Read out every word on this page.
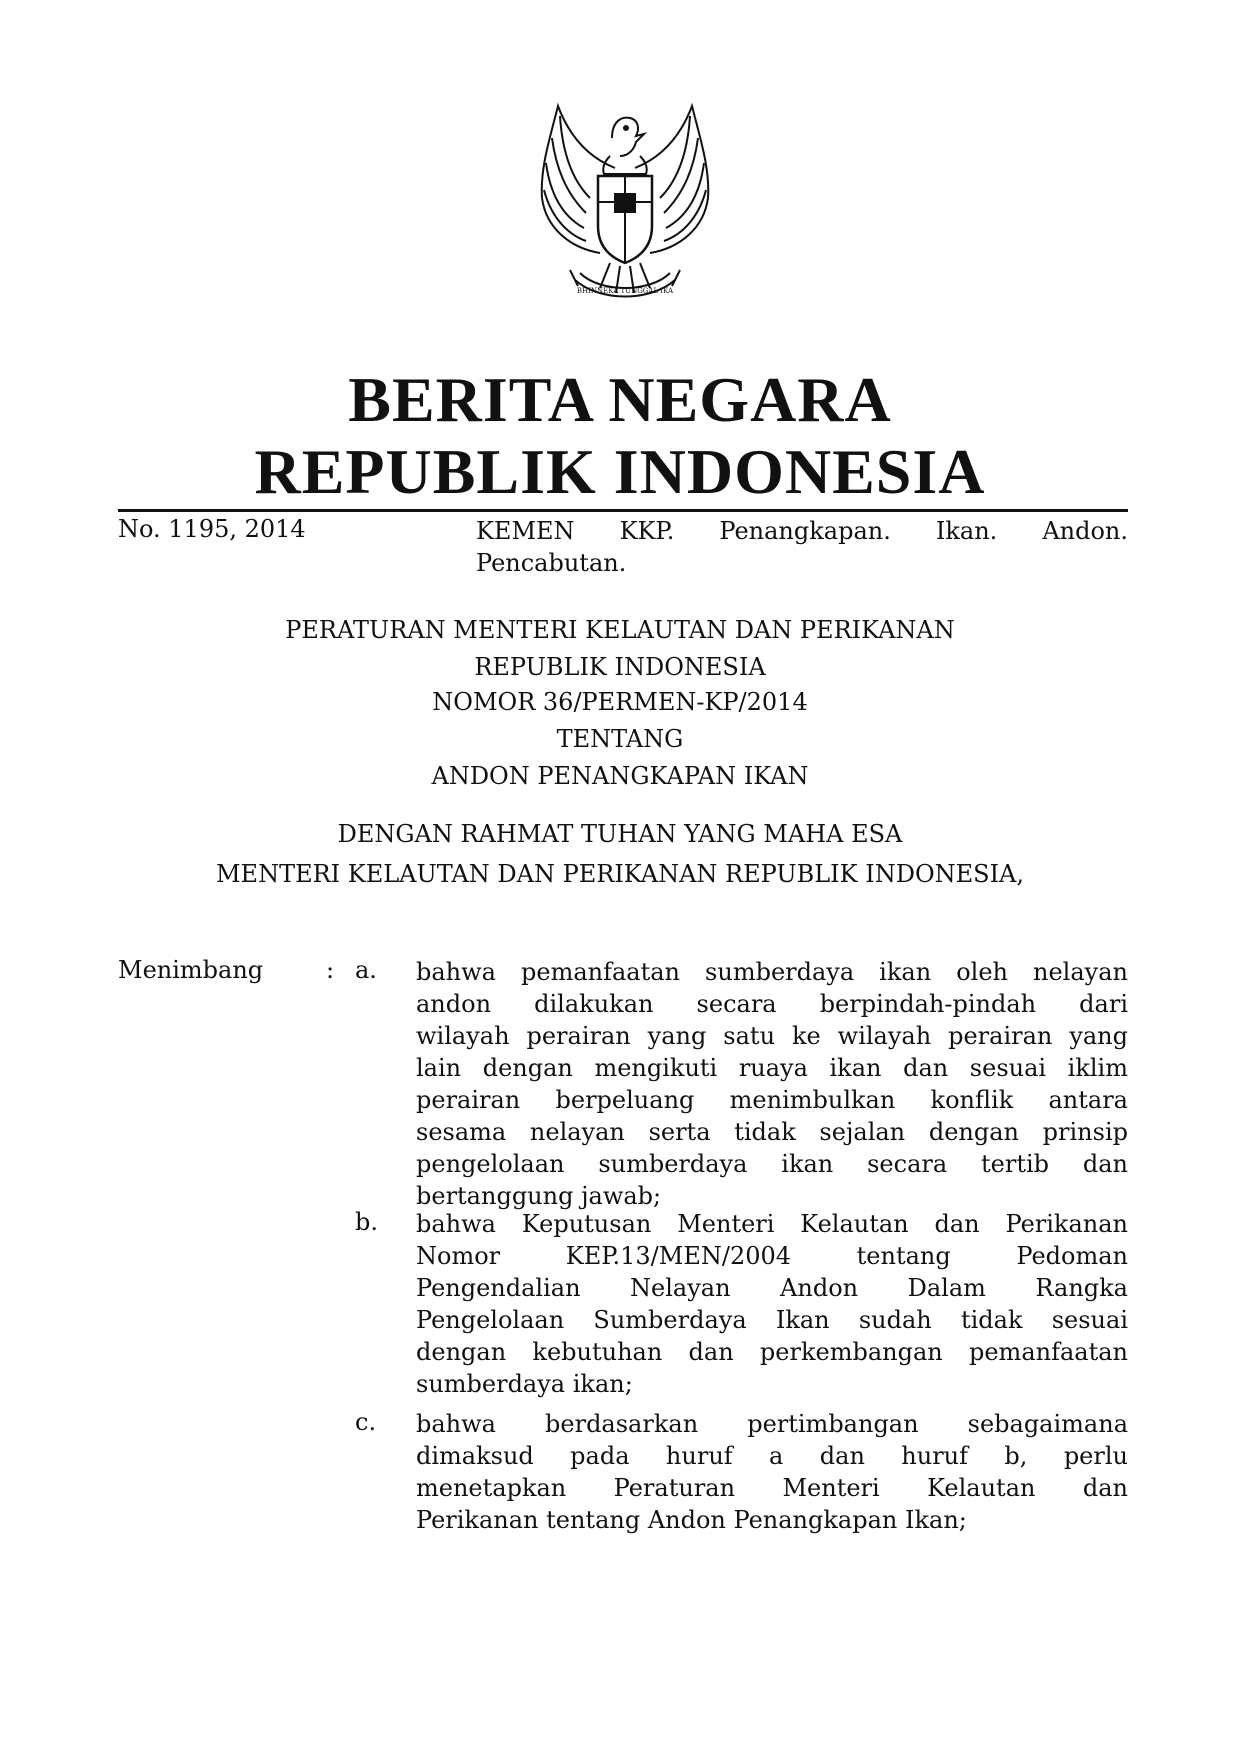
BHINNEKA TUNGGAL IKA
BERITA NEGARA
REPUBLIK INDONESIA
No. 1195, 2014	KEMEN KKP. Penangkapan. Ikan. Andon.
Pencabutan.
PERATURAN MENTERI KELAUTAN DAN PERIKANAN
REPUBLIK INDONESIA
NOMOR 36/PERMEN-KP/2014
TENTANG
ANDON PENANGKAPAN IKAN
DENGAN RAHMAT TUHAN YANG MAHA ESA
MENTERI KELAUTAN DAN PERIKANAN REPUBLIK INDONESIA,
Menimbang	: a. bahwa pemanfaatan sumberdaya ikan oleh nelayan
andon dilakukan secara berpindah-pindah dari
wilayah perairan yang satu ke wilayah perairan yang
lain dengan mengikuti ruaya ikan dan sesuai iklim
perairan berpeluang menimbulkan konflik antara
sesama nelayan serta tidak sejalan dengan prinsip
pengelolaan sumberdaya ikan secara tertib dan
bertanggung jawab;
b. bahwa Keputusan Menteri Kelautan dan Perikanan
Nomor KEP.13/MEN/2004 tentang Pedoman
Pengendalian Nelayan Andon Dalam Rangka
Pengelolaan Sumberdaya Ikan sudah tidak sesuai
dengan kebutuhan dan perkembangan pemanfaatan
sumberdaya ikan;
c. bahwa berdasarkan pertimbangan sebagaimana
dimaksud pada huruf a dan huruf b, perlu
menetapkan Peraturan Menteri Kelautan dan
Perikanan tentang Andon Penangkapan Ikan;
